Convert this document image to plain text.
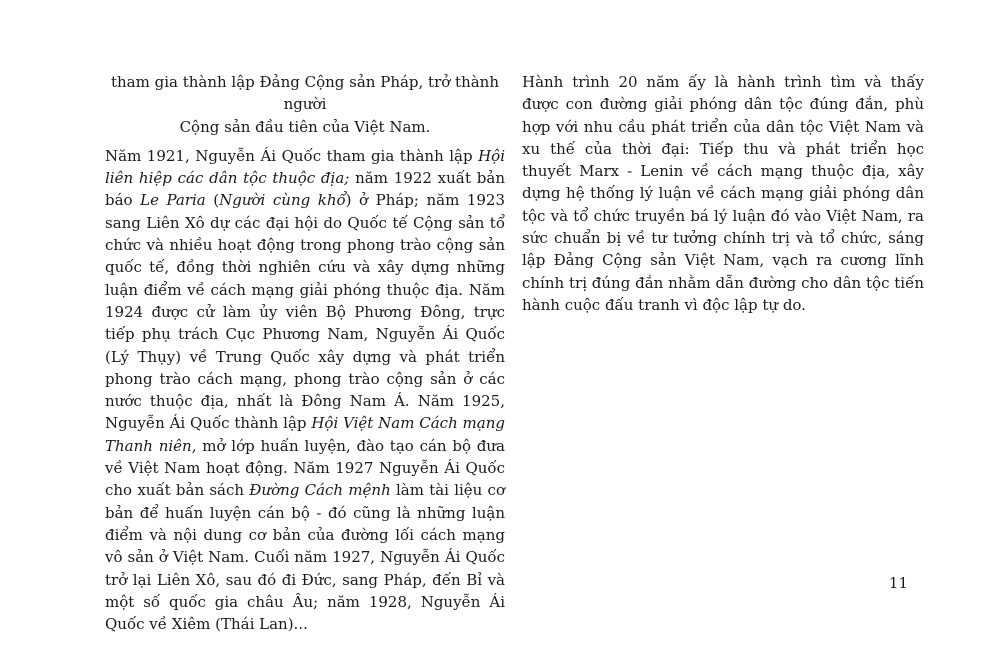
tham gia thành lập Đảng Cộng sản Pháp, trở thành người
Cộng sản đầu tiên của Việt Nam.

Năm 1921, Nguyễn Ái Quốc tham gia thành lập Hội liên hiệp các dân tộc thuộc địa; năm 1922 xuất bản báo Le Paria (Người cùng khổ) ở Pháp; năm 1923 sang Liên Xô dự các đại hội do Quốc tế Cộng sản tổ chức và nhiều hoạt động trong phong trào cộng sản quốc tế, đồng thời nghiên cứu và xây dựng những luận điểm về cách mạng giải phóng thuộc địa. Năm 1924 được cử làm ủy viên Bộ Phương Đông, trực tiếp phụ trách Cục Phương Nam, Nguyễn Ái Quốc (Lý Thụy) về Trung Quốc xây dựng và phát triển phong trào cách mạng, phong trào cộng sản ở các nước thuộc địa, nhất là Đông Nam Á. Năm 1925, Nguyễn Ái Quốc thành lập Hội Việt Nam Cách mạng Thanh niên, mở lớp huấn luyện, đào tạo cán bộ đưa về Việt Nam hoạt động. Năm 1927 Nguyễn Ái Quốc cho xuất bản sách Đường Cách mệnh làm tài liệu cơ bản để huấn luyện cán bộ - đó cũng là những luận điểm và nội dung cơ bản của đường lối cách mạng vô sản ở Việt Nam. Cuối năm 1927, Nguyễn Ái Quốc trở lại Liên Xô, sau đó đi Đức, sang Pháp, đến Bỉ và một số quốc gia châu Âu; năm 1928, Nguyễn Ái Quốc về Xiêm (Thái Lan)...

Hành trình 20 năm ấy là hành trình tìm và thấy được con đường giải phóng dân tộc đúng đắn, phù hợp với nhu cầu phát triển của dân tộc Việt Nam và xu thế của thời đại: Tiếp thu và phát triển học thuyết Marx - Lenin về cách mạng thuộc địa, xây dựng hệ thống lý luận về cách mạng giải phóng dân tộc và tổ chức truyền bá lý luận đó vào Việt Nam, ra sức chuẩn bị về tư tưởng chính trị và tổ chức, sáng lập Đảng Cộng sản Việt Nam, vạch ra cương lĩnh chính trị đúng đắn nhằm dẫn đường cho dân tộc tiến hành cuộc đấu tranh vì độc lập tự do.

11
